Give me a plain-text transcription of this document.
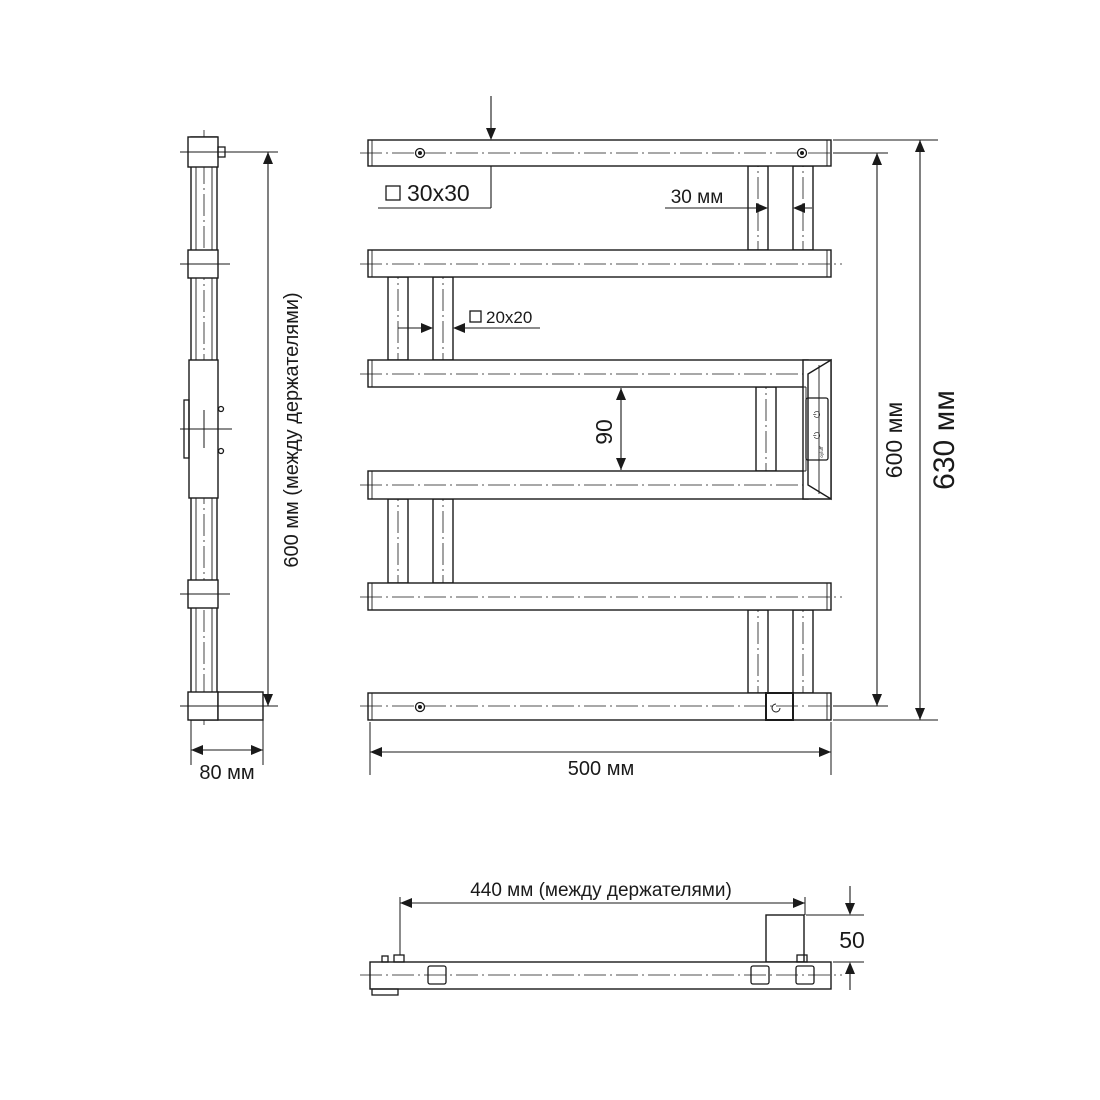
600 мм (между держателями)
80 мм
⏻
⏻
oyluff
30x30	30 мм
20x20
90
500 мм
600 мм 630 мм
440 мм (между держателями)
50
